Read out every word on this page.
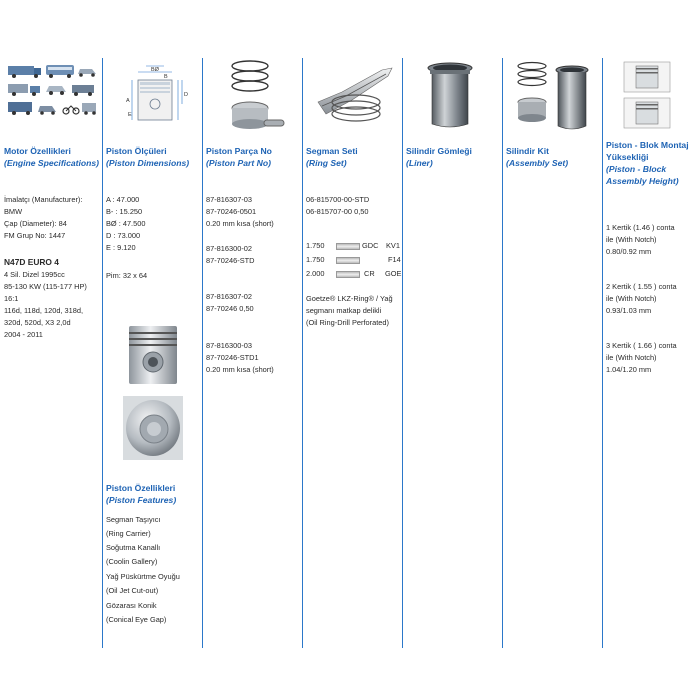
Motor Özellikleri
(Engine Specifications)
İmalatçı (Manufacturer):
BMW
Çap (Diameter): 84
FM Grup No: 1447
N47D EURO 4
4 Sil. Dizel 1995cc
85-130 KW (115-177 HP)
16:1
116d, 118d, 120d, 318d,
320d, 520d, X3 2,0d
2004 - 2011
BØ
B
A
E
D
Piston Ölçüleri
(Piston Dimensions)
A : 47.000
B- : 15.250
BØ : 47.500
D : 73.000
E : 9.120
Pim: 32 x 64
Piston Özellikleri
(Piston Features)
Segman Taşıyıcı
(Ring Carrier)
Soğutma Kanallı
(Coolin Gallery)
Yağ Püskürtme Oyuğu
(Oil Jet Cut-out)
Gözarası Konik
(Conical Eye Gap)
Piston Parça No
(Piston Part No)
87-816307-03
87-70246-0501
0.20 mm kısa (short)
87-816300-02
87-70246-STD
87-816307-02
87-70246 0,50
87-816300-03
87-70246-STD1
0.20 mm kısa (short)
Segman Seti
(Ring Set)
06-815700-00-STD
06-815707-00 0,50
1.750	GDC KV1
1.750	F14
2.000	CR GOE
Goetze® LKZ-Ring® / Yağ
segmanı matkap delikli
(Oil Ring-Drill Perforated)
Silindir Gömleği
(Liner)
Silindir Kit
(Assembly Set)
Piston - Blok Montaj
Yüksekliği
(Piston - Block
Assembly Height)
1 Kertik (1.46 ) conta
ile (With Notch)
0.80/0.92 mm
2 Kertik ( 1.55 ) conta
ile (With Notch)
0.93/1.03 mm
3 Kertik ( 1.66 ) conta
ile (With Notch)
1.04/1.20 mm
